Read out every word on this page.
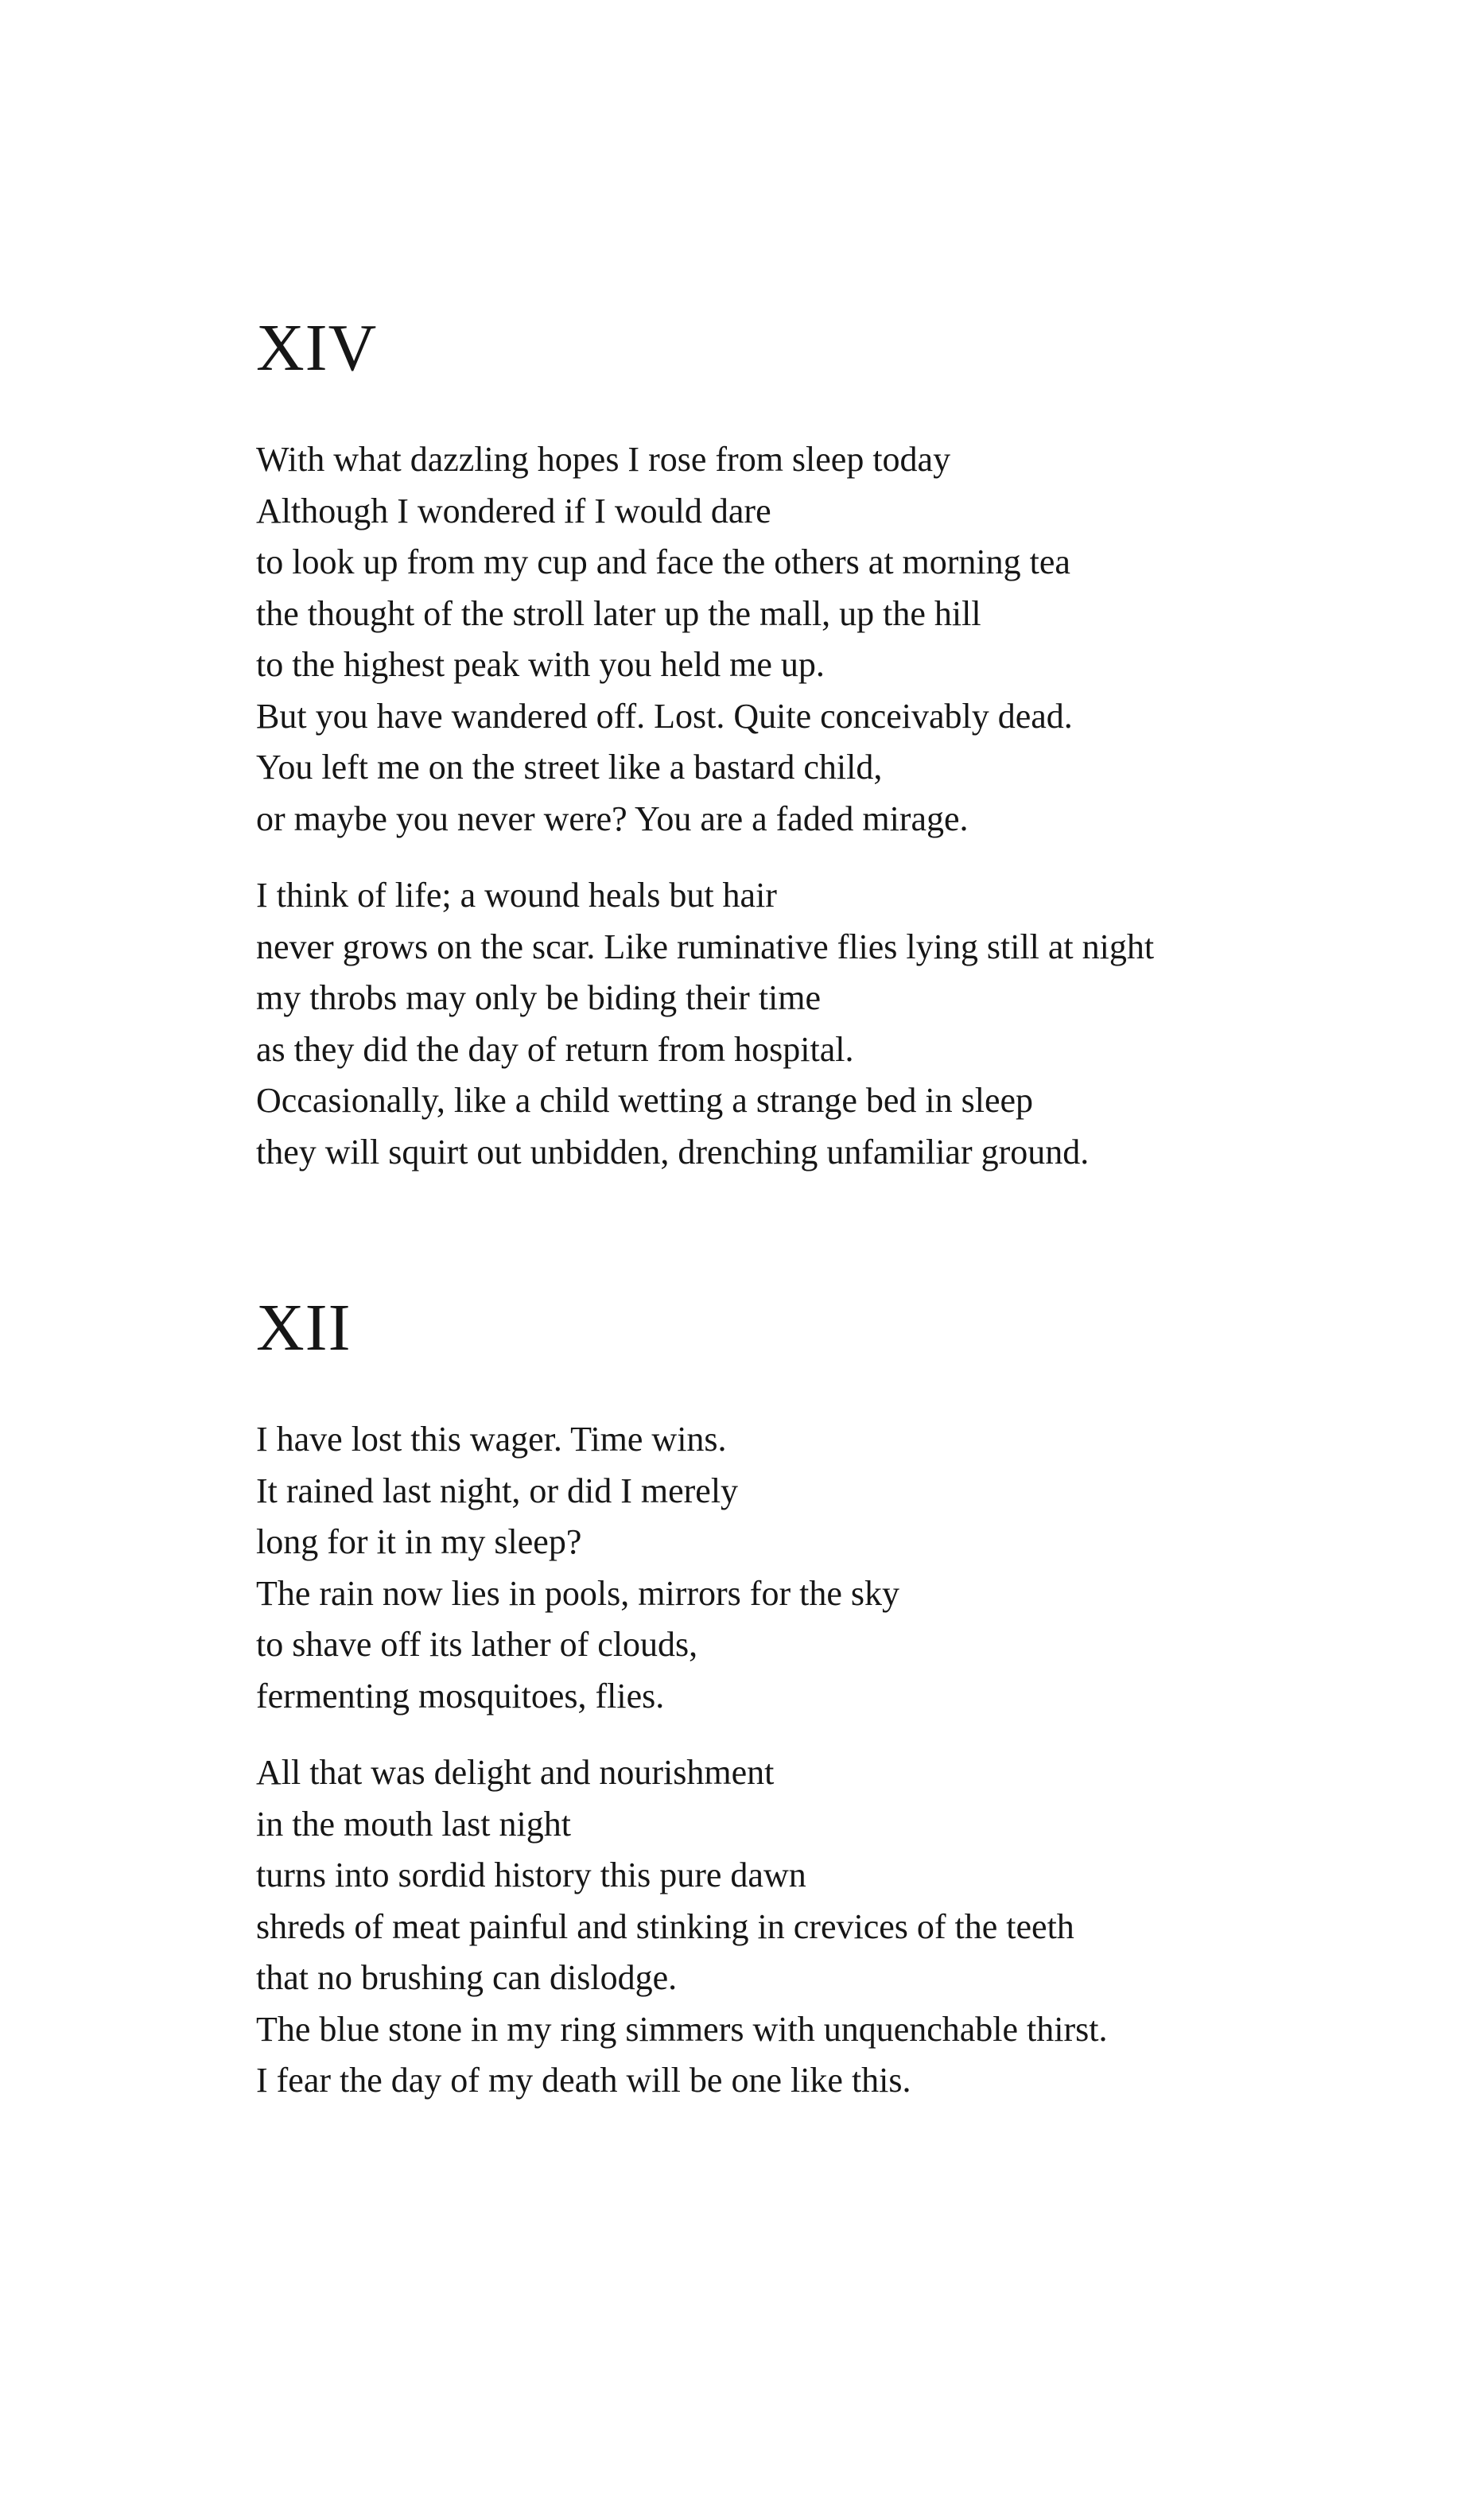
XIV
With what dazzling hopes I rose from sleep today
Although I wondered if I would dare
to look up from my cup and face the others at morning tea
the thought of the stroll later up the mall, up the hill
to the highest peak with you held me up.
But you have wandered off. Lost. Quite conceivably dead.
You left me on the street like a bastard child,
or maybe you never were? You are a faded mirage.
I think of life; a wound heals but hair
never grows on the scar. Like ruminative flies lying still at night
my throbs may only be biding their time
as they did the day of return from hospital.
Occasionally, like a child wetting a strange bed in sleep
they will squirt out unbidden, drenching unfamiliar ground.
XII
I have lost this wager. Time wins.
It rained last night, or did I merely
long for it in my sleep?
The rain now lies in pools, mirrors for the sky
to shave off its lather of clouds,
fermenting mosquitoes, flies.
All that was delight and nourishment
in the mouth last night
turns into sordid history this pure dawn
shreds of meat painful and stinking in crevices of the teeth
that no brushing can dislodge.
The blue stone in my ring simmers with unquenchable thirst.
I fear the day of my death will be one like this.
